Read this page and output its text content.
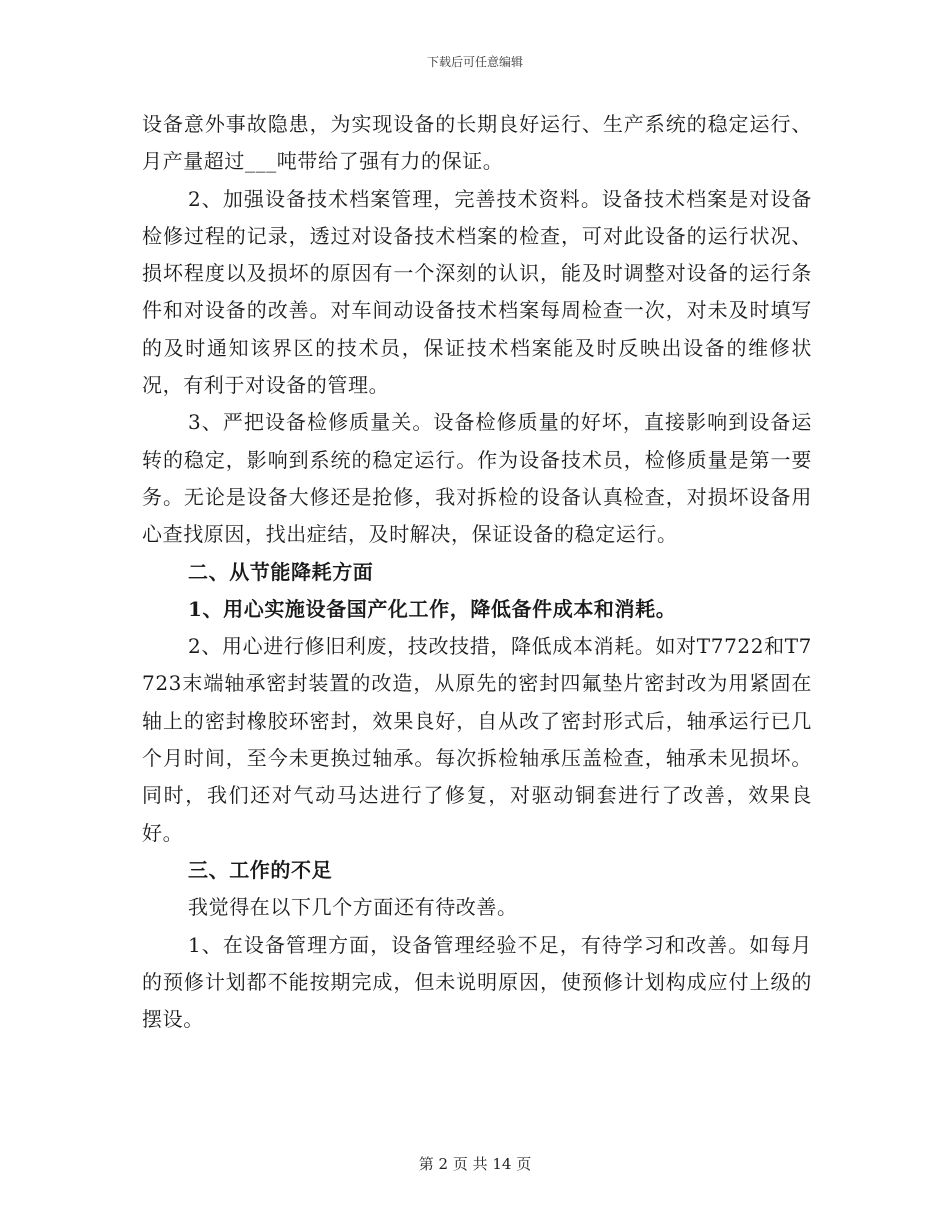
下载后可任意编辑

设备意外事故隐患，为实现设备的长期良好运行、生产系统的稳定运行、月产量超过___吨带给了强有力的保证。

2、加强设备技术档案管理，完善技术资料。设备技术档案是对设备检修过程的记录，透过对设备技术档案的检查，可对此设备的运行状况、损坏程度以及损坏的原因有一个深刻的认识，能及时调整对设备的运行条件和对设备的改善。对车间动设备技术档案每周检查一次，对未及时填写的及时通知该界区的技术员，保证技术档案能及时反映出设备的维修状况，有利于对设备的管理。

3、严把设备检修质量关。设备检修质量的好坏，直接影响到设备运转的稳定，影响到系统的稳定运行。作为设备技术员，检修质量是第一要务。无论是设备大修还是抢修，我对拆检的设备认真检查，对损坏设备用心查找原因，找出症结，及时解决，保证设备的稳定运行。

二、从节能降耗方面

1、用心实施设备国产化工作，降低备件成本和消耗。

2、用心进行修旧利废，技改技措，降低成本消耗。如对T7722和T7723末端轴承密封装置的改造，从原先的密封四氟垫片密封改为用紧固在轴上的密封橡胶环密封，效果良好，自从改了密封形式后，轴承运行已几个月时间，至今未更换过轴承。每次拆检轴承压盖检查，轴承未见损坏。同时，我们还对气动马达进行了修复，对驱动铜套进行了改善，效果良好。

三、工作的不足

我觉得在以下几个方面还有待改善。

1、在设备管理方面，设备管理经验不足，有待学习和改善。如每月的预修计划都不能按期完成，但未说明原因，使预修计划构成应付上级的摆设。

第 2 页 共 14 页
